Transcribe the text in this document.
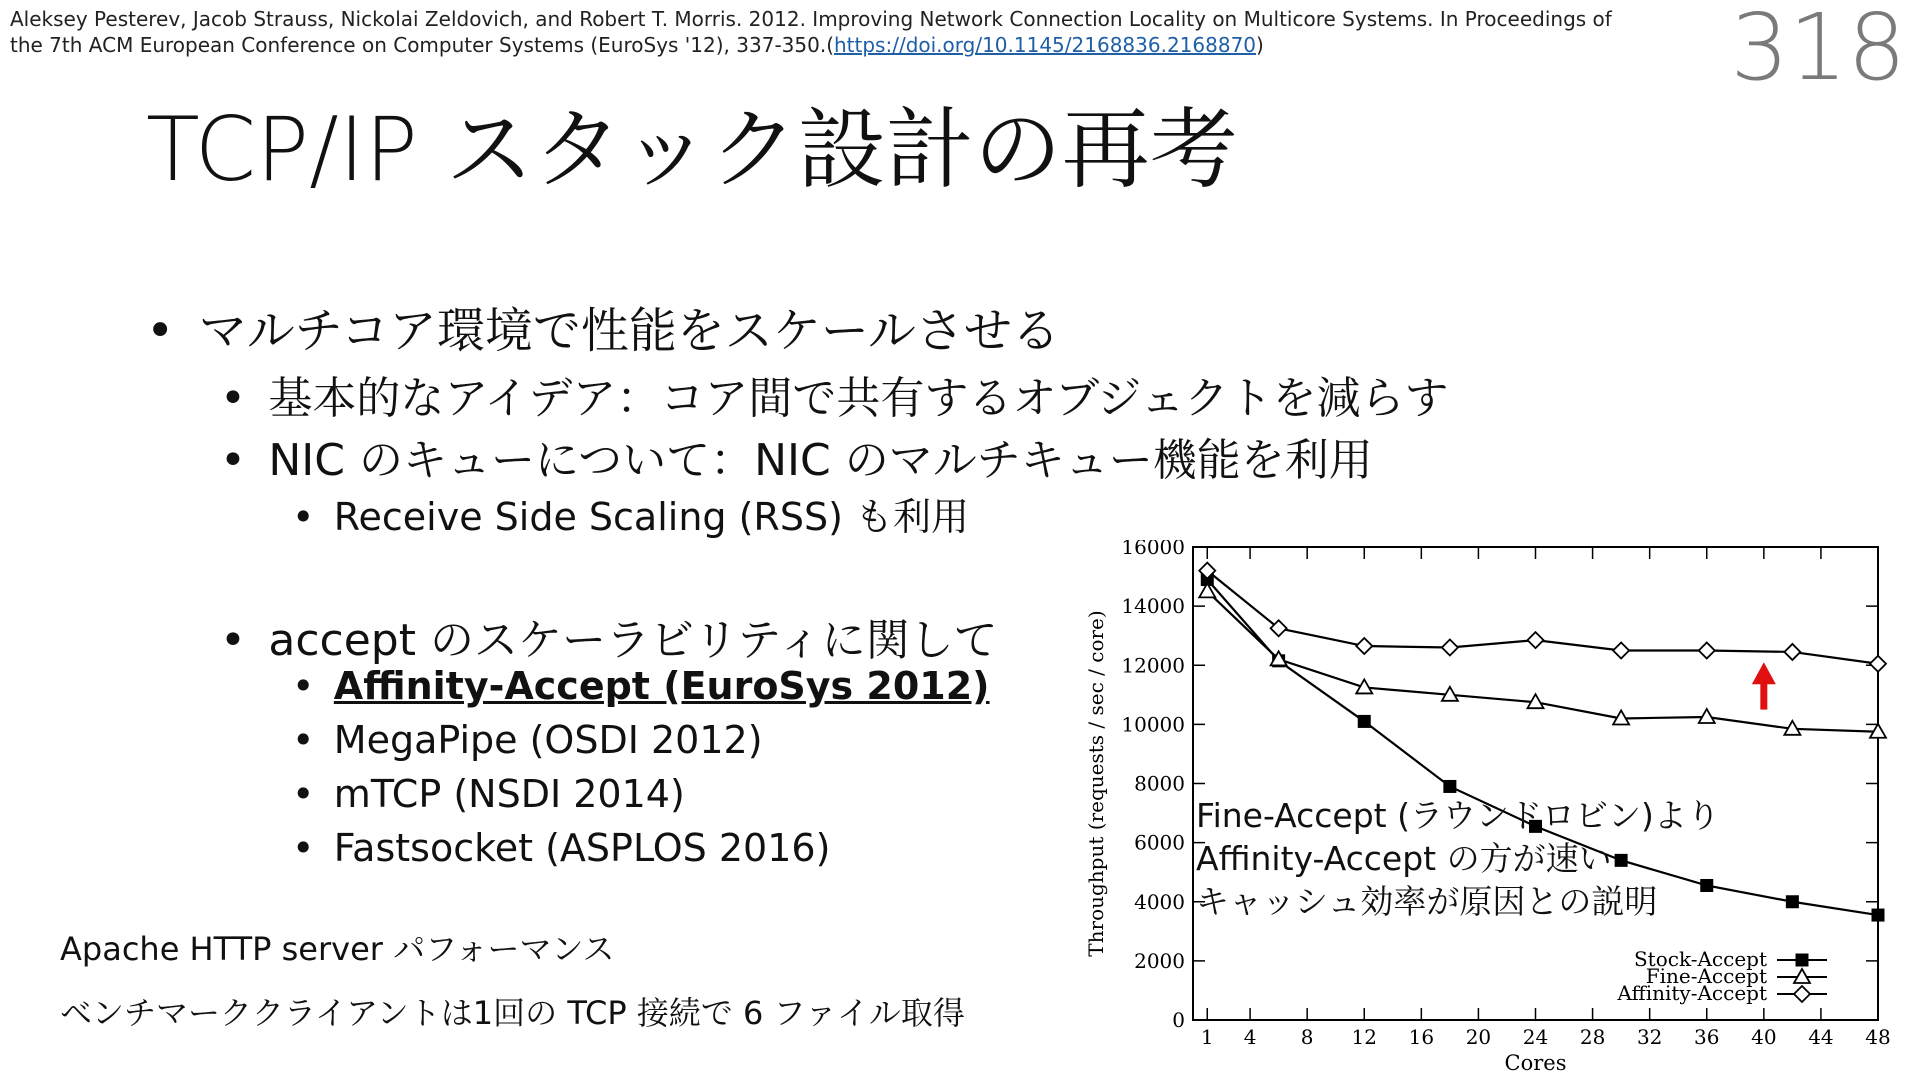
Aleksey Pesterev, Jacob Strauss, Nickolai Zeldovich, and Robert T. Morris. 2012. Improving Network Connection Locality on Multicore Systems. In Proceedings of
the 7th ACM European Conference on Computer Systems (EuroSys '12), 337-350.(https://doi.org/10.1145/2168836.2168870)	318
TCP/IP スタック設計の再考
• マルチコア環境で性能をスケールさせる
• 基本的なアイデア：コア間で共有するオブジェクトを減らす
• NIC のキューについて：NIC のマルチキュー機能を利用
• Receive Side Scaling (RSS) も利用
• accept のスケーラビリティに関して
• Affinity-Accept (EuroSys 2012)
• MegaPipe (OSDI 2012)
• mTCP (NSDI 2014)
• Fastsocket (ASPLOS 2016)
Apache HTTP server パフォーマンス
ベンチマーククライアントは1回の TCP 接続で 6 ファイル取得	0
2000
4000
6000
8000
10000
12000
14000
16000
1 4 8 12 16 20 24 28 32 36 40 44 48
Cores
Throughput (requests / sec / core)
Stock-Accept
Fine-Accept
Affinity-Accept
Fine-Accept (ラウンドロビン)より
Affinity-Accept の方が速い
キャッシュ効率が原因との説明
